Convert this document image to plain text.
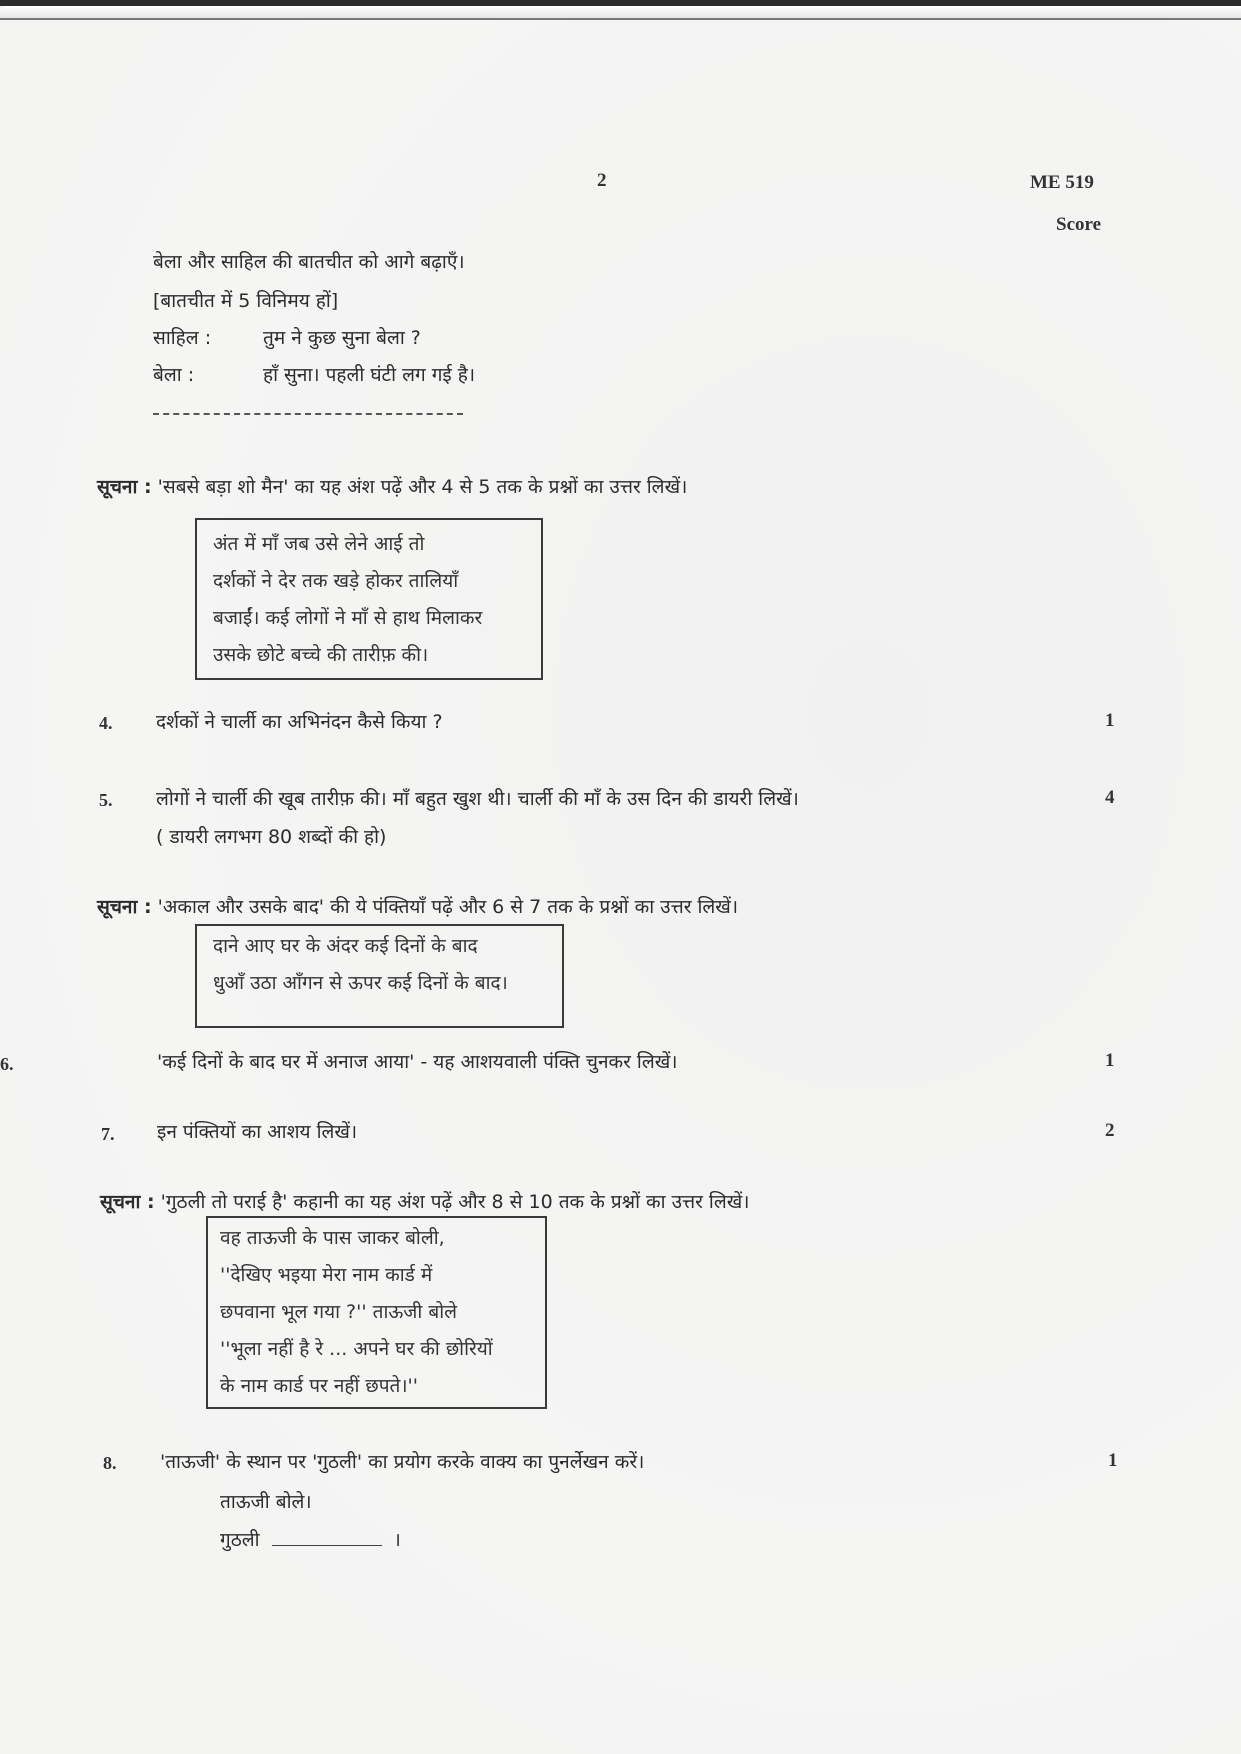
2	ME 519
Score
बेला और साहिल की बातचीत को आगे बढ़ाएँ।
[बातचीत में 5 विनिमय हों]
साहिल :	तुम ने कुछ सुना बेला ?
बेला :	हाँ सुना। पहली घंटी लग गई है।
सूचना : 'सबसे बड़ा शो मैन' का यह अंश पढ़ें और 4 से 5 तक के प्रश्नों का उत्तर लिखें।
अंत में माँ जब उसे लेने आई तो
दर्शकों ने देर तक खड़े होकर तालियाँ
बजाईं। कई लोगों ने माँ से हाथ मिलाकर
उसके छोटे बच्चे की तारीफ़ की।
4. दर्शकों ने चार्ली का अभिनंदन कैसे किया ?	1
5. लोगों ने चार्ली की खूब तारीफ़ की। माँ बहुत खुश थी। चार्ली की माँ के उस दिन की डायरी लिखें।
( डायरी लगभग 80 शब्दों की हो)
4
सूचना : 'अकाल और उसके बाद' की ये पंक्तियाँ पढ़ें और 6 से 7 तक के प्रश्नों का उत्तर लिखें।
दाने आए घर के अंदर कई दिनों के बाद
धुआँ उठा आँगन से ऊपर कई दिनों के बाद।
6.	'कई दिनों के बाद घर में अनाज आया' - यह आशयवाली पंक्ति चुनकर लिखें।	1
7. इन पंक्तियों का आशय लिखें।	2
सूचना : 'गुठली तो पराई है' कहानी का यह अंश पढ़ें और 8 से 10 तक के प्रश्नों का उत्तर लिखें।
वह ताऊजी के पास जाकर बोली,
''देखिए भइया मेरा नाम कार्ड में
छपवाना भूल गया ?'' ताऊजी बोले
''भूला नहीं है रे ... अपने घर की छोरियों
के नाम कार्ड पर नहीं छपते।''
8. 'ताऊजी' के स्थान पर 'गुठली' का प्रयोग करके वाक्य का पुनर्लेखन करें।	1
ताऊजी बोले।
गुठली	।
